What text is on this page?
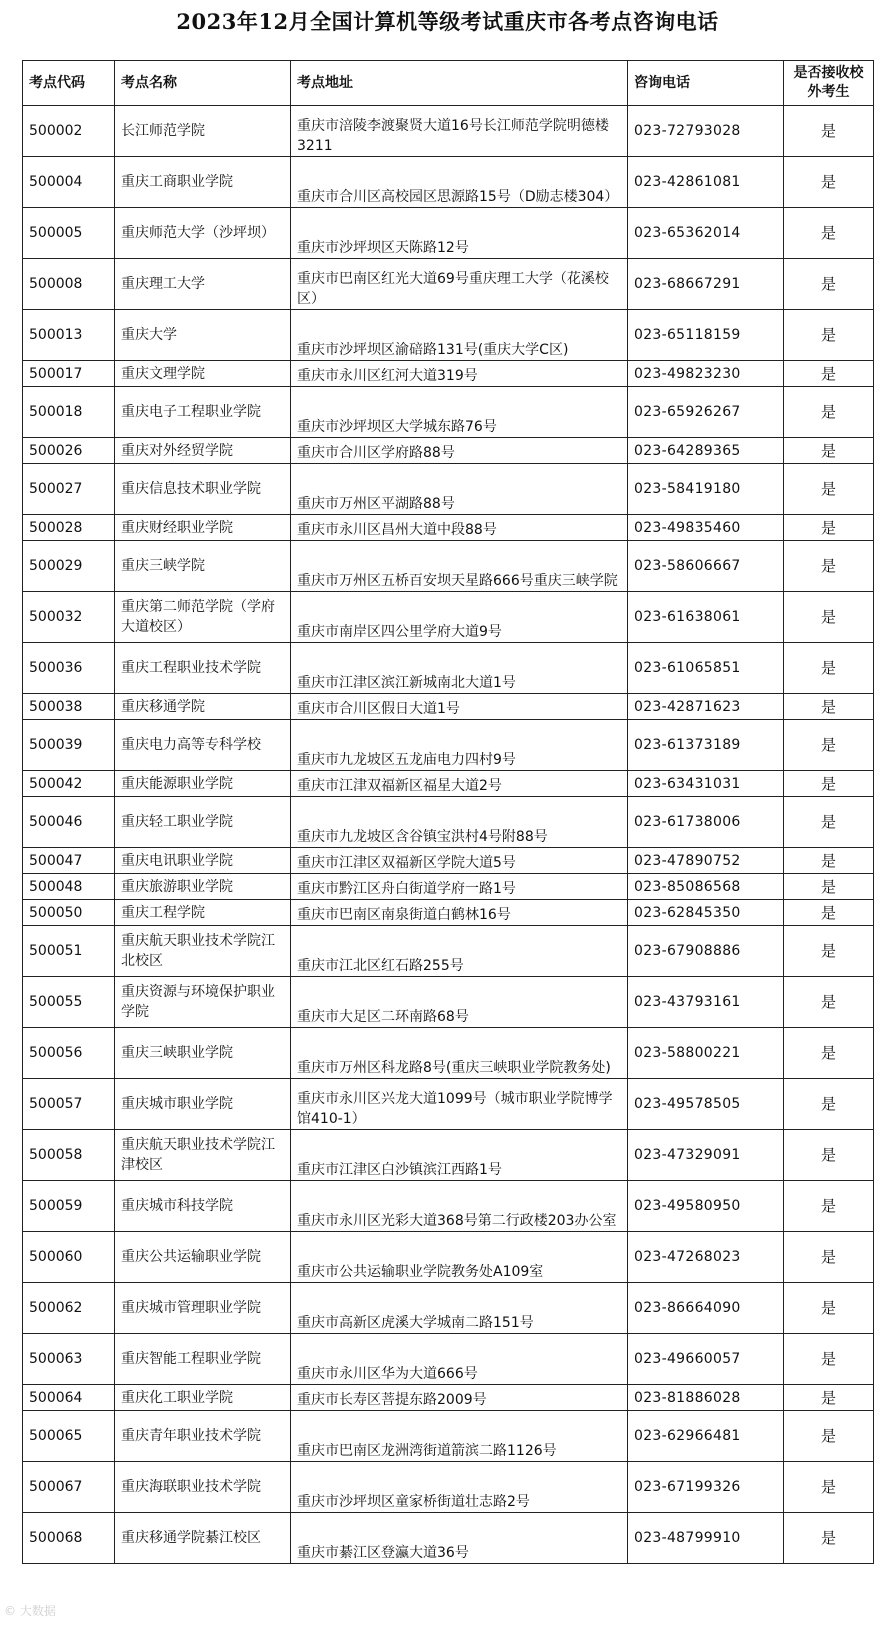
2023年12月全国计算机等级考试重庆市各考点咨询电话
考点代码	考点名称	考点地址	咨询电话	是否接收校外考生
500002	长江师范学院	重庆市涪陵李渡聚贤大道16号长江师范学院明德楼3211	023-72793028	是
500004	重庆工商职业学院	重庆市合川区高校园区思源路15号（D励志楼304）	023-42861081	是
500005	重庆师范大学（沙坪坝）	重庆市沙坪坝区天陈路12号	023-65362014	是
500008	重庆理工大学	重庆市巴南区红光大道69号重庆理工大学（花溪校区）	023-68667291	是
500013	重庆大学	重庆市沙坪坝区渝碚路131号(重庆大学C区)	023-65118159	是
500017	重庆文理学院	重庆市永川区红河大道319号	023-49823230	是
500018	重庆电子工程职业学院	重庆市沙坪坝区大学城东路76号	023-65926267	是
500026	重庆对外经贸学院	重庆市合川区学府路88号	023-64289365	是
500027	重庆信息技术职业学院	重庆市万州区平湖路88号	023-58419180	是
500028	重庆财经职业学院	重庆市永川区昌州大道中段88号	023-49835460	是
500029	重庆三峡学院	重庆市万州区五桥百安坝天星路666号重庆三峡学院	023-58606667	是
500032	重庆第二师范学院（学府大道校区）	重庆市南岸区四公里学府大道9号	023-61638061	是
500036	重庆工程职业技术学院	重庆市江津区滨江新城南北大道1号	023-61065851	是
500038	重庆移通学院	重庆市合川区假日大道1号	023-42871623	是
500039	重庆电力高等专科学校	重庆市九龙坡区五龙庙电力四村9号	023-61373189	是
500042	重庆能源职业学院	重庆市江津双福新区福星大道2号	023-63431031	是
500046	重庆轻工职业学院	重庆市九龙坡区含谷镇宝洪村4号附88号	023-61738006	是
500047	重庆电讯职业学院	重庆市江津区双福新区学院大道5号	023-47890752	是
500048	重庆旅游职业学院	重庆市黔江区舟白街道学府一路1号	023-85086568	是
500050	重庆工程学院	重庆市巴南区南泉街道白鹤林16号	023-62845350	是
500051	重庆航天职业技术学院江北校区	重庆市江北区红石路255号	023-67908886	是
500055	重庆资源与环境保护职业学院	重庆市大足区二环南路68号	023-43793161	是
500056	重庆三峡职业学院	重庆市万州区科龙路8号(重庆三峡职业学院教务处)	023-58800221	是
500057	重庆城市职业学院	重庆市永川区兴龙大道1099号（城市职业学院博学馆410-1）	023-49578505	是
500058	重庆航天职业技术学院江津校区	重庆市江津区白沙镇滨江西路1号	023-47329091	是
500059	重庆城市科技学院	重庆市永川区光彩大道368号第二行政楼203办公室	023-49580950	是
500060	重庆公共运输职业学院	重庆市公共运输职业学院教务处A109室	023-47268023	是
500062	重庆城市管理职业学院	重庆市高新区虎溪大学城南二路151号	023-86664090	是
500063	重庆智能工程职业学院	重庆市永川区华为大道666号	023-49660057	是
500064	重庆化工职业学院	重庆市长寿区菩提东路2009号	023-81886028	是
500065	重庆青年职业技术学院	重庆市巴南区龙洲湾街道箭滨二路1126号	023-62966481	是
500067	重庆海联职业技术学院	重庆市沙坪坝区童家桥街道壮志路2号	023-67199326	是
500068	重庆移通学院綦江校区	重庆市綦江区登瀛大道36号	023-48799910	是
© 大数据
